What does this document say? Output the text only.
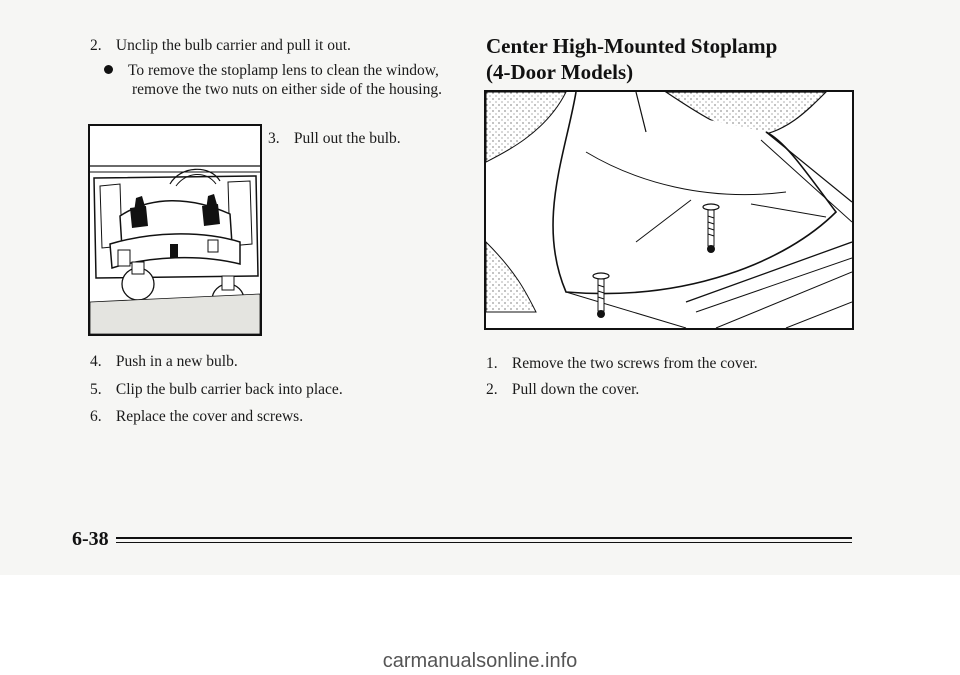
2. Unclip the bulb carrier and pull it out.
To remove the stoplamp lens to clean the window, remove the two nuts on either side of the housing.
3. Pull out the bulb.
4. Push in a new bulb.
5. Clip the bulb carrier back into place.
6. Replace the cover and screws.
Center High-Mounted Stoplamp
(4-Door Models)
1. Remove the two screws from the cover.
2. Pull down the cover.
6-38
carmanualsonline.info
